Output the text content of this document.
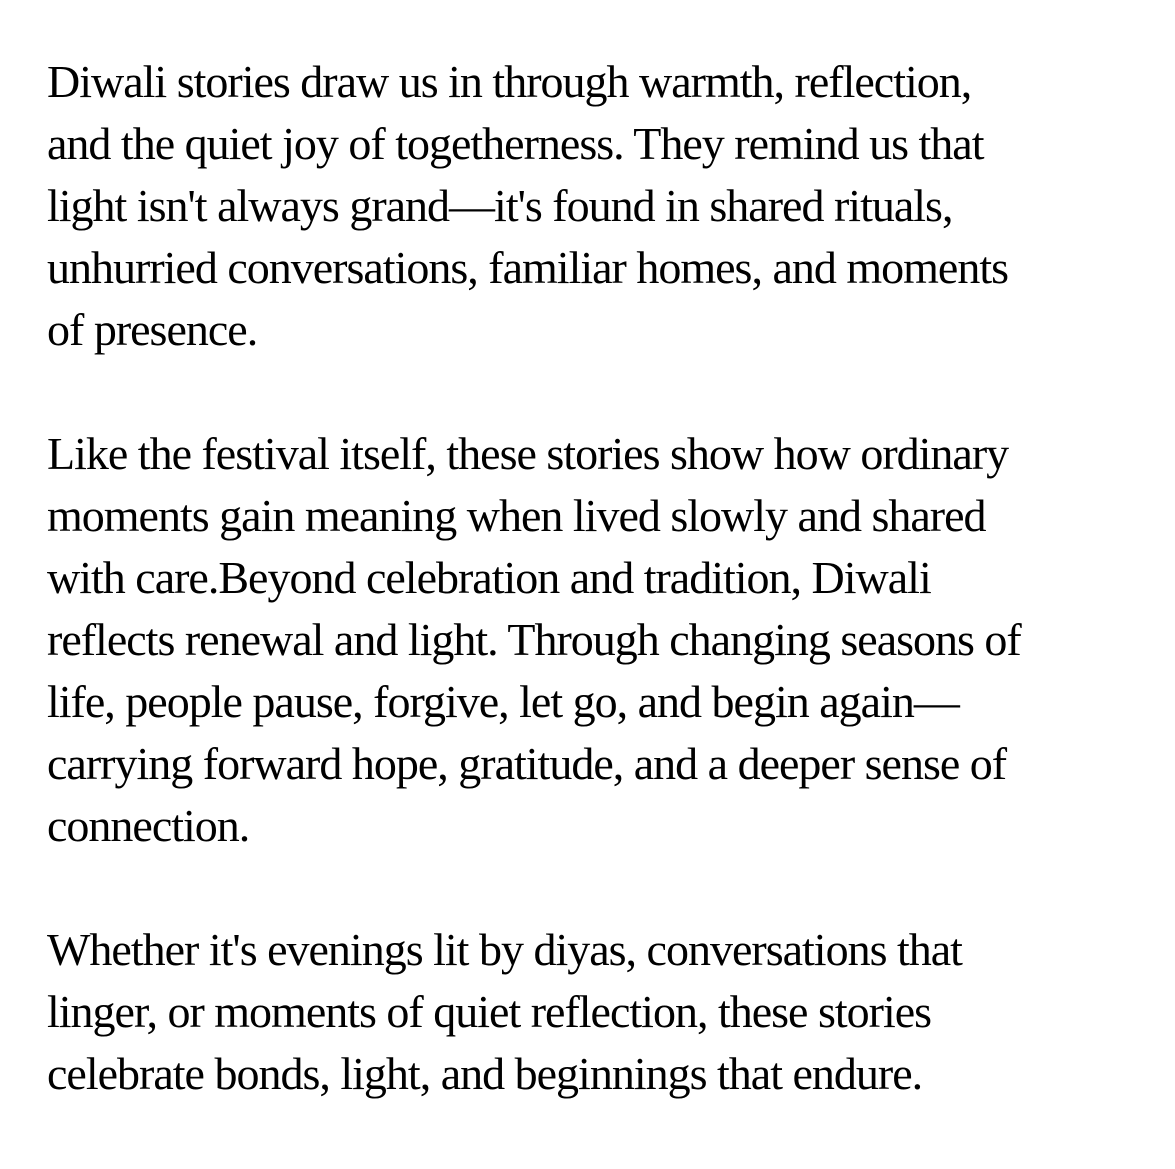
Diwali stories draw us in through warmth, reflection,
and the quiet joy of togetherness. They remind us that
light isn't always grand—it's found in shared rituals,
unhurried conversations, familiar homes, and moments
of presence.

Like the festival itself, these stories show how ordinary
moments gain meaning when lived slowly and shared
with care.Beyond celebration and tradition, Diwali
reflects renewal and light. Through changing seasons of
life, people pause, forgive, let go, and begin again—
carrying forward hope, gratitude, and a deeper sense of
connection.

Whether it's evenings lit by diyas, conversations that
linger, or moments of quiet reflection, these stories
celebrate bonds, light, and beginnings that endure.
